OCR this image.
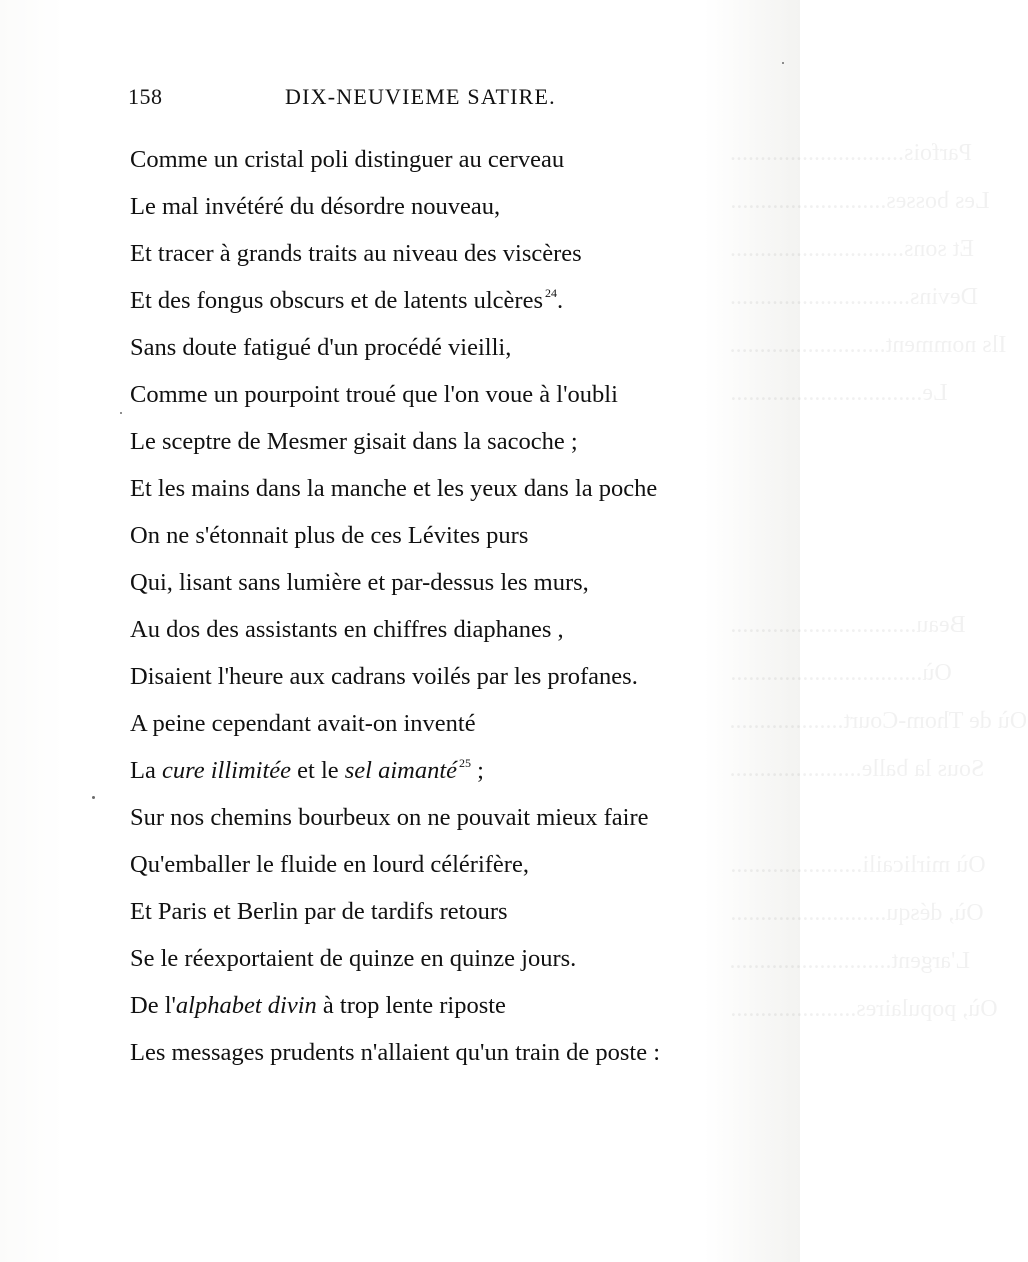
Parfois.............................
Les bosses..........................
Et sons.............................
Devins..............................
Ils nomment..........................
Le................................
Beau...............................
Où................................
Où de Thom-Court...................
Sous la balle......................
Où mirlicaili......................
Où, désqu..........................
L'argent...........................
Où, populaires.....................
158	DIX-NEUVIEME SATIRE.
Comme un cristal poli distinguer au cerveau
Le mal invétéré du désordre nouveau,
Et tracer à grands traits au niveau des viscères
Et des fongus obscurs et de latents ulcères $^{24}$.
Sans doute fatigué d'un procédé vieilli,
Comme un pourpoint troué que l'on voue à l'oubli
Le sceptre de Mesmer gisait dans la sacoche ;
Et les mains dans la manche et les yeux dans la poche
On ne s'étonnait plus de ces Lévites purs
Qui, lisant sans lumière et par-dessus les murs,
Au dos des assistants en chiffres diaphanes ,
Disaient l'heure aux cadrans voilés par les profanes.
A peine cependant avait-on inventé
La cure illimitée et le sel aimanté $^{25}$ ;
Sur nos chemins bourbeux on ne pouvait mieux faire
Qu'emballer le fluide en lourd célérifère,
Et Paris et Berlin par de tardifs retours
Se le réexportaient de quinze en quinze jours.
De l'alphabet divin à trop lente riposte
Les messages prudents n'allaient qu'un train de poste :
